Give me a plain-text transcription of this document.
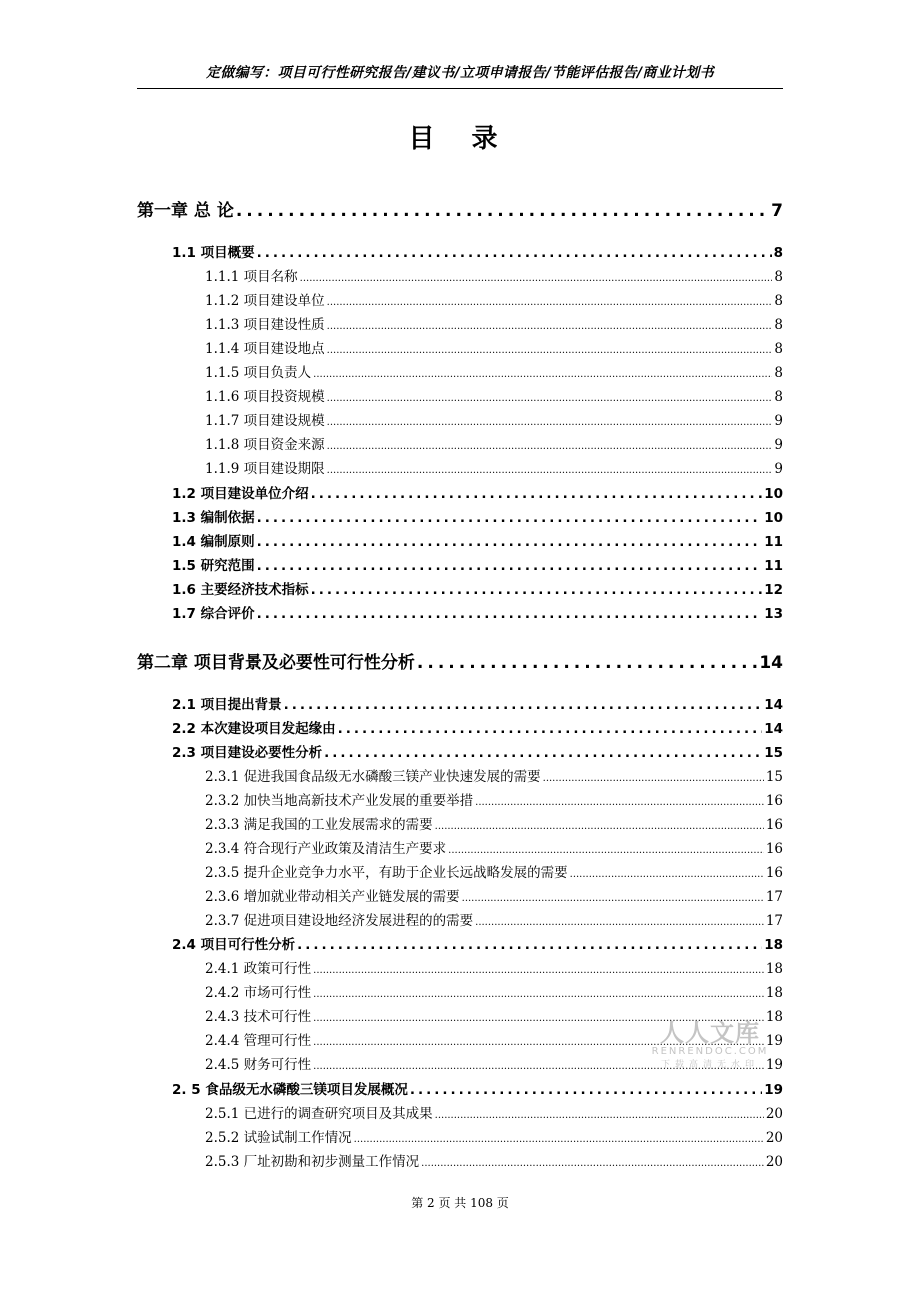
定做编写：项目可行性研究报告/建议书/立项申请报告/节能评估报告/商业计划书
目 录
第一章 总 论 .....	7
1.1 项目概要 .....	8
1.1.1 项目名称 .....	8
1.1.2 项目建设单位 .....	8
1.1.3 项目建设性质 .....	8
1.1.4 项目建设地点 .....	8
1.1.5 项目负责人 .....	8
1.1.6 项目投资规模 .....	8
1.1.7 项目建设规模 .....	9
1.1.8 项目资金来源 .....	9
1.1.9 项目建设期限 .....	9
1.2 项目建设单位介绍 .....	10
1.3 编制依据 .....	10
1.4 编制原则 .....	11
1.5 研究范围 .....	11
1.6 主要经济技术指标 .....	12
1.7 综合评价 .....	13
第二章 项目背景及必要性可行性分析 .....	14
2.1 项目提出背景 .....	14
2.2 本次建设项目发起缘由 .....	14
2.3 项目建设必要性分析 .....	15
2.3.1 促进我国食品级无水磷酸三镁产业快速发展的需要 .....	15
2.3.2 加快当地高新技术产业发展的重要举措 .....	16
2.3.3 满足我国的工业发展需求的需要 .....	16
2.3.4 符合现行产业政策及清洁生产要求 .....	16
2.3.5 提升企业竞争力水平，有助于企业长远战略发展的需要 .....	16
2.3.6 增加就业带动相关产业链发展的需要 .....	17
2.3.7 促进项目建设地经济发展进程的的需要 .....	17
2.4 项目可行性分析 .....	18
2.4.1 政策可行性 .....	18
2.4.2 市场可行性 .....	18
2.4.3 技术可行性 .....	18
2.4.4 管理可行性 .....	19
2.4.5 财务可行性 .....	19
2. 5 食品级无水磷酸三镁项目发展概况 .....	19
2.5.1 已进行的调查研究项目及其成果 .....	20
2.5.2 试验试制工作情况 .....	20
2.5.3 厂址初勘和初步测量工作情况 .....	20
人人文库
RENRENDOC.COM
下载高清无水印
第 2 页 共 108 页
